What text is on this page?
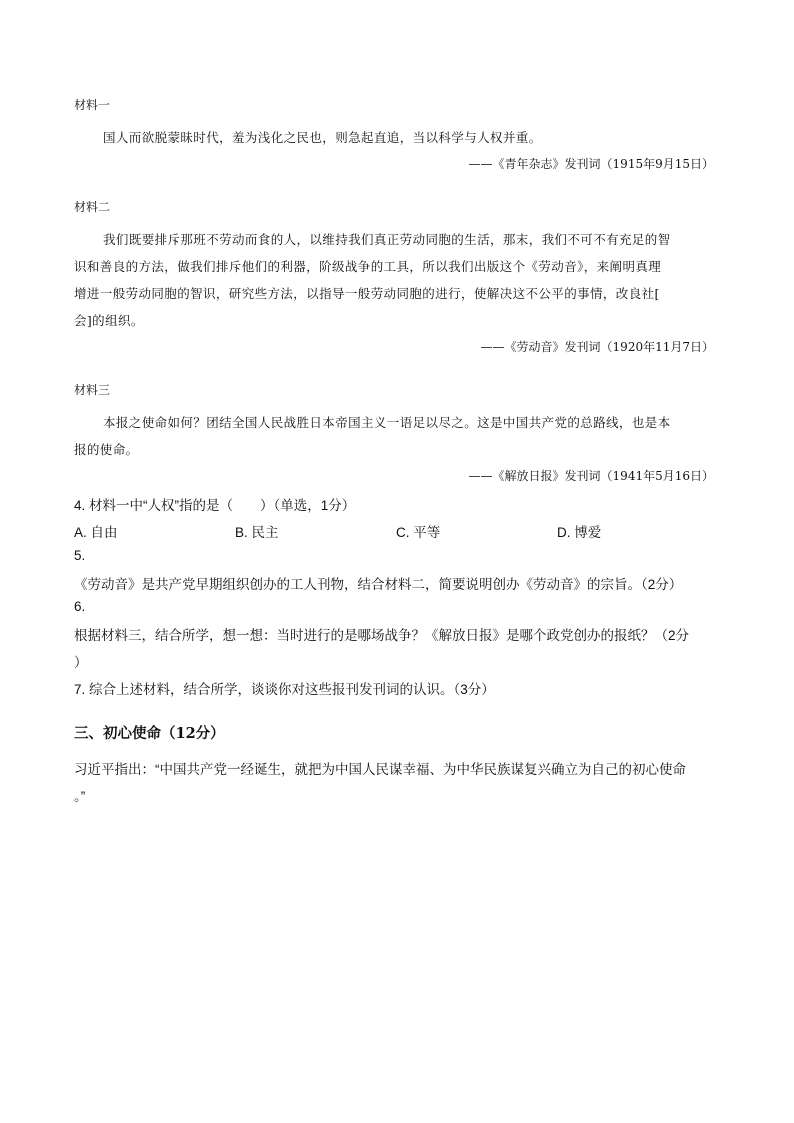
材料一
国人而欲脱蒙昧时代，羞为浅化之民也，则急起直追，当以科学与人权并重。
——《青年杂志》发刊词（1915年9月15日）
材料二
我们既要排斥那班不劳动而食的人，以维持我们真正劳动同胞的生活，那末，我们不可不有充足的智
识和善良的方法，做我们排斥他们的利器，阶级战争的工具，所以我们出版这个《劳动音》，来阐明真理
增进一般劳动同胞的智识，研究些方法，以指导一般劳动同胞的进行，使解决这不公平的事情，改良社[
会]的组织。
——《劳动音》发刊词（1920年11月7日）
材料三
本报之使命如何？团结全国人民战胜日本帝国主义一语足以尽之。这是中国共产党的总路线，也是本
报的使命。
——《解放日报》发刊词（1941年5月16日）
4. 材料一中“人权”指的是（　　）（单选，1分）
A. 自由	B. 民主	C. 平等	D. 博爱
5.
《劳动音》是共产党早期组织创办的工人刊物，结合材料二，简要说明创办《劳动音》的宗旨。（2分）
6.
根据材料三，结合所学，想一想：当时进行的是哪场战争？《解放日报》是哪个政党创办的报纸？（2分
）
7. 综合上述材料，结合所学，谈谈你对这些报刊发刊词的认识。（3分）
三、初心使命（12分）
习近平指出：“中国共产党一经诞生，就把为中国人民谋幸福、为中华民族谋复兴确立为自己的初心使命
。”
